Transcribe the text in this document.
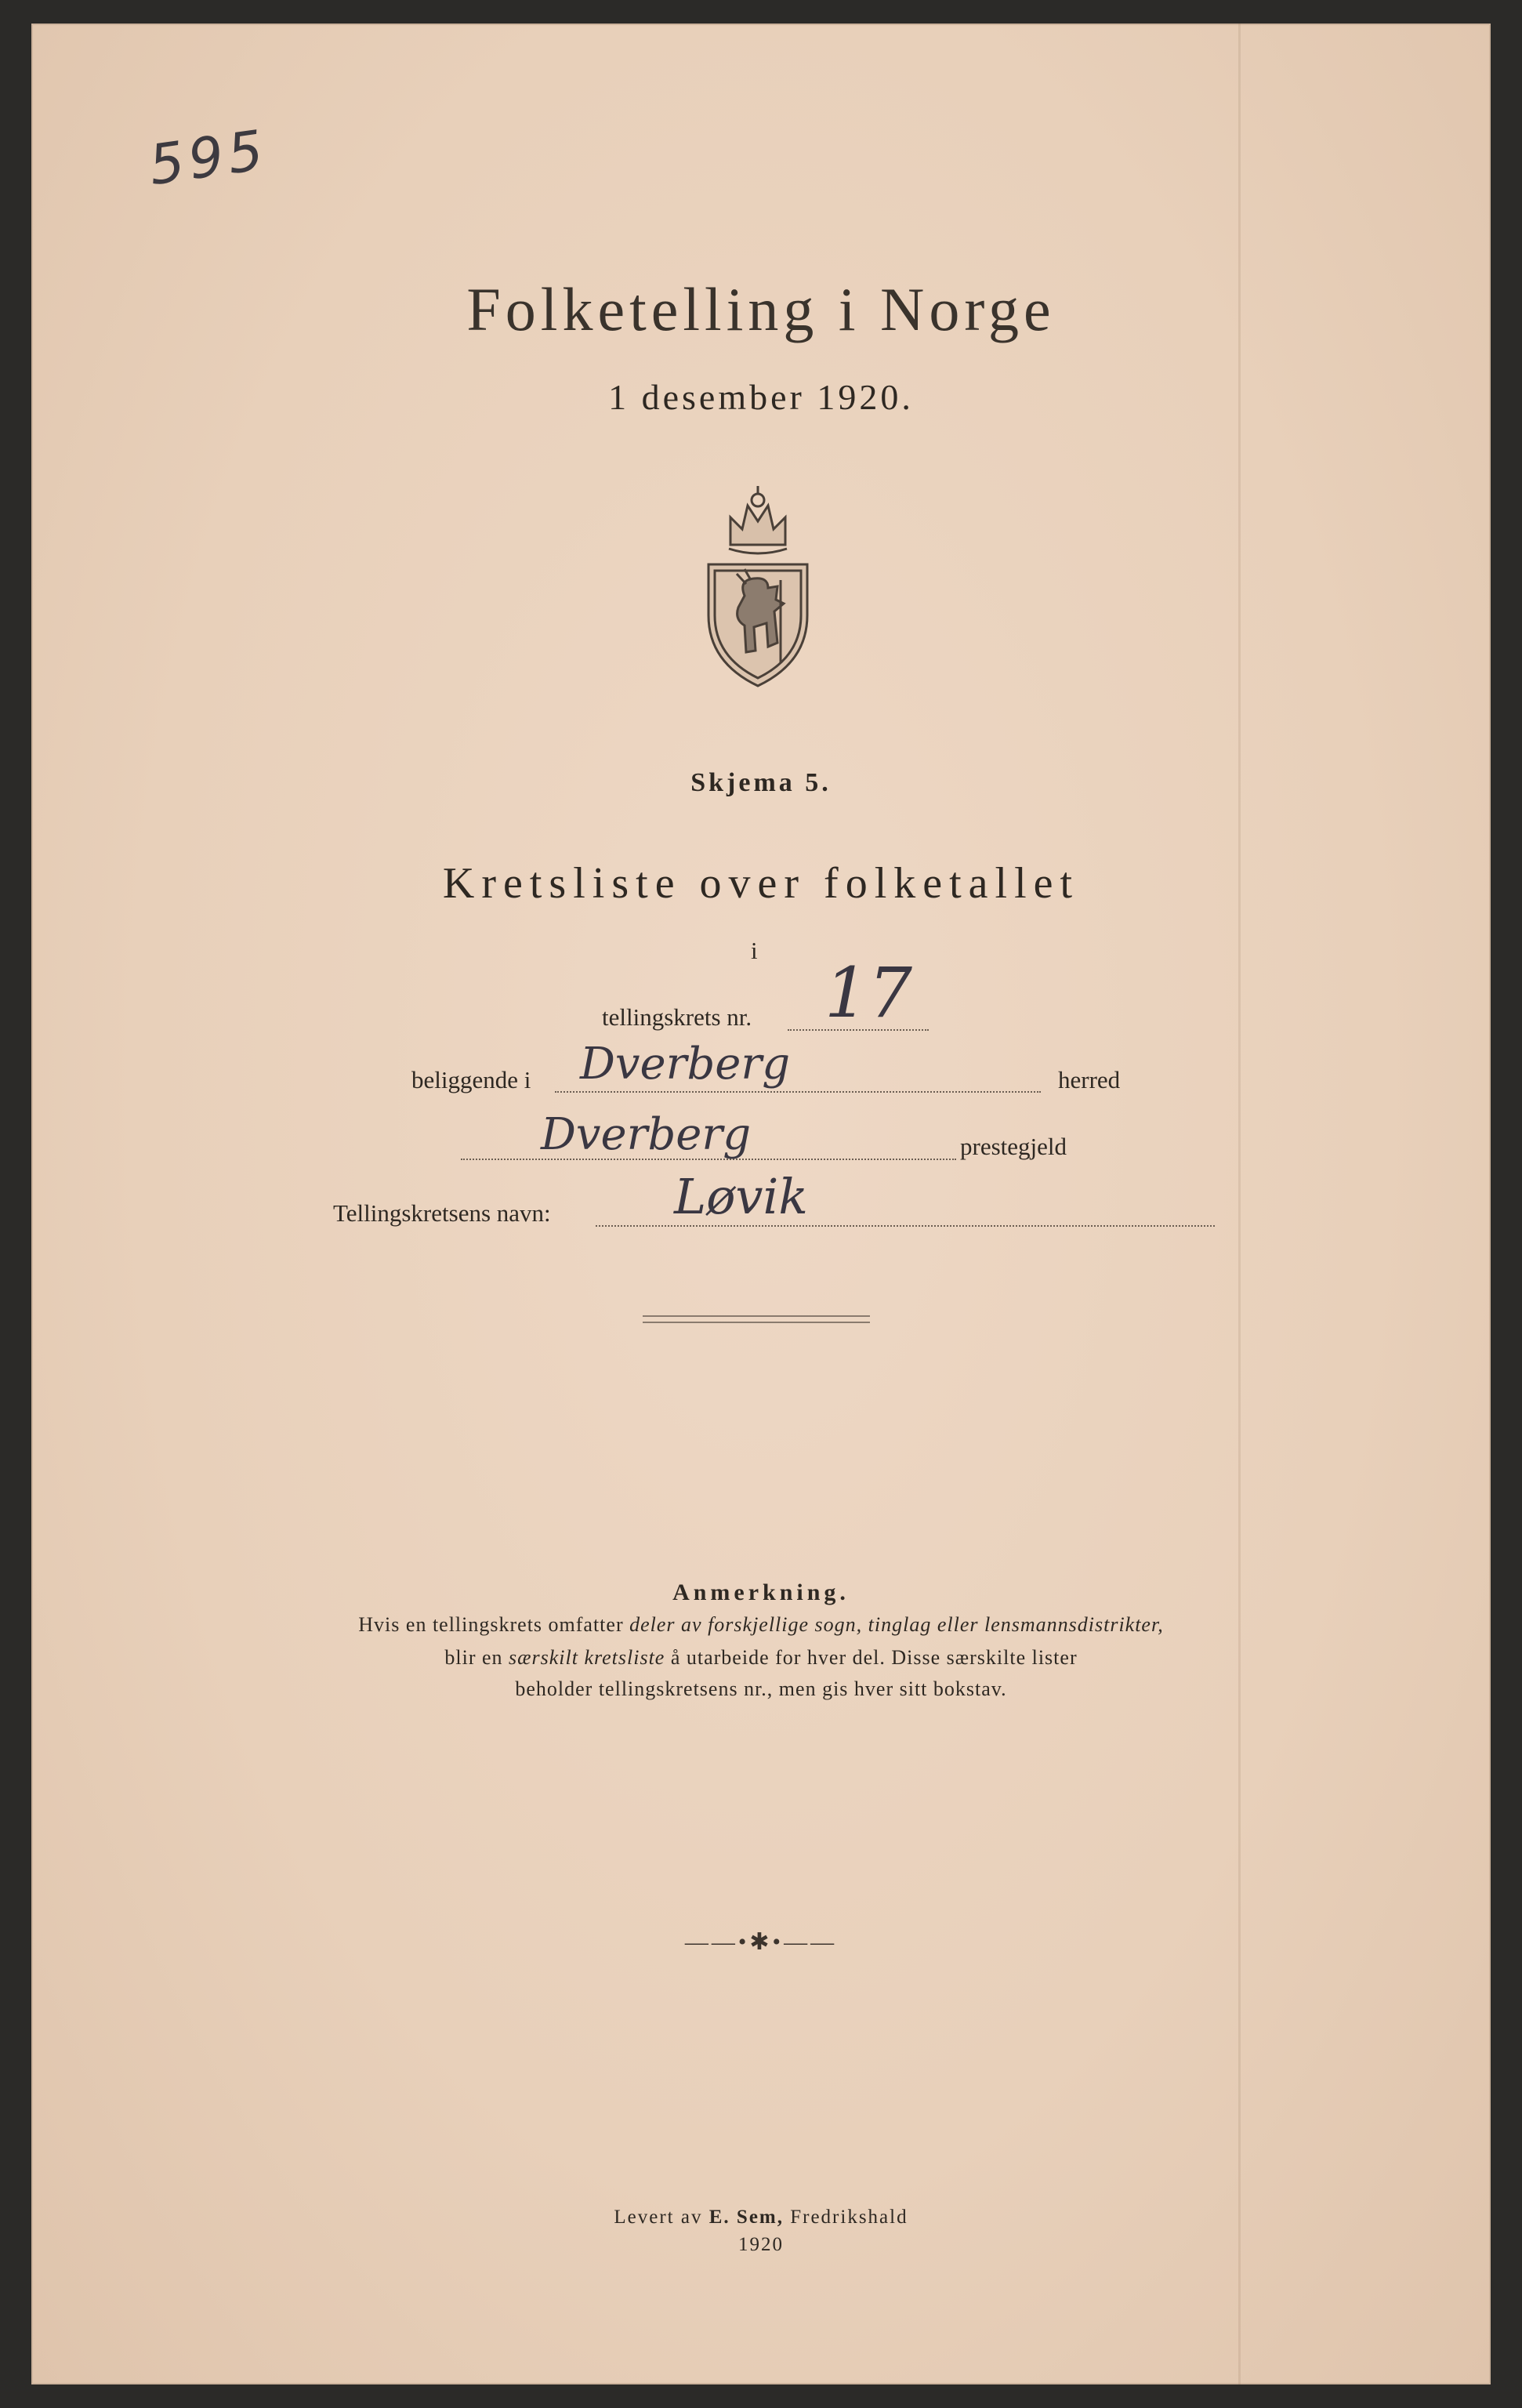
595
Folketelling i Norge
1 desember 1920.
Skjema 5.
Kretsliste over folketallet
i
tellingskrets nr. 17
beliggende i Dverberg	herred
Dverberg	prestegjeld
Tellingskretsens navn:	Løvik
Anmerkning.
Hvis en tellingskrets omfatter deler av forskjellige sogn, tinglag eller lensmannsdistrikter,
blir en særskilt kretsliste å utarbeide for hver del. Disse særskilte lister
beholder tellingskretsens nr., men gis hver sitt bokstav.
——•✱•——
Levert av E. Sem, Fredrikshald
1920
